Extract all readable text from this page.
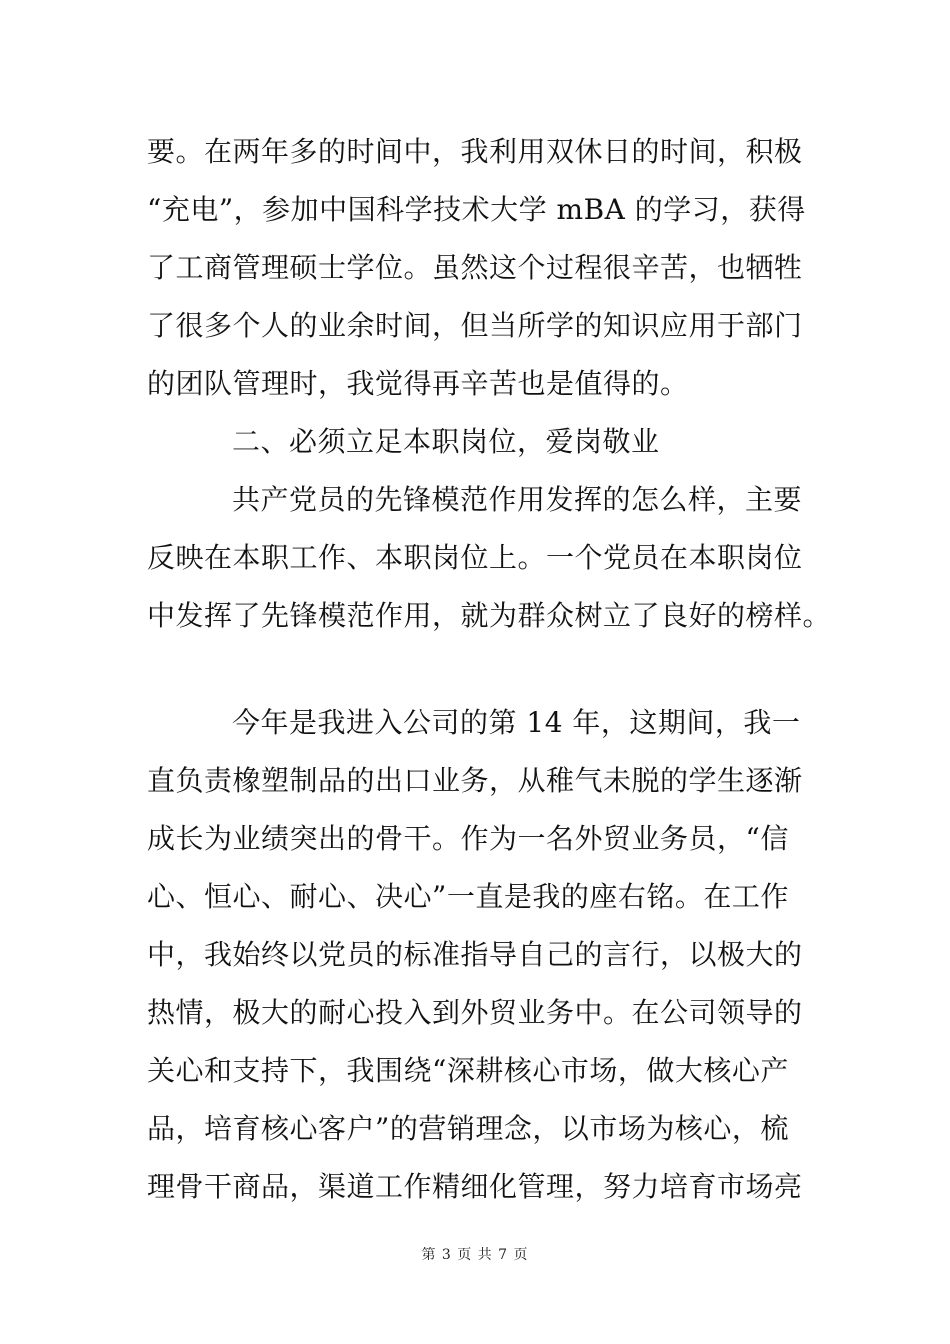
要。在两年多的时间中，我利用双休日的时间，积极
“充电”，参加中国科学技术大学 mBA 的学习，获得
了工商管理硕士学位。虽然这个过程很辛苦，也牺牲
了很多个人的业余时间，但当所学的知识应用于部门
的团队管理时，我觉得再辛苦也是值得的。
二、必须立足本职岗位，爱岗敬业
共产党员的先锋模范作用发挥的怎么样，主要
反映在本职工作、本职岗位上。一个党员在本职岗位
中发挥了先锋模范作用，就为群众树立了良好的榜样。
今年是我进入公司的第 14 年，这期间，我一
直负责橡塑制品的出口业务，从稚气未脱的学生逐渐
成长为业绩突出的骨干。作为一名外贸业务员，“信
心、恒心、耐心、决心”一直是我的座右铭。在工作
中，我始终以党员的标准指导自己的言行，以极大的
热情，极大的耐心投入到外贸业务中。在公司领导的
关心和支持下，我围绕“深耕核心市场，做大核心产
品，培育核心客户”的营销理念，以市场为核心，梳
理骨干商品，渠道工作精细化管理，努力培育市场亮
第 3 页 共 7 页
